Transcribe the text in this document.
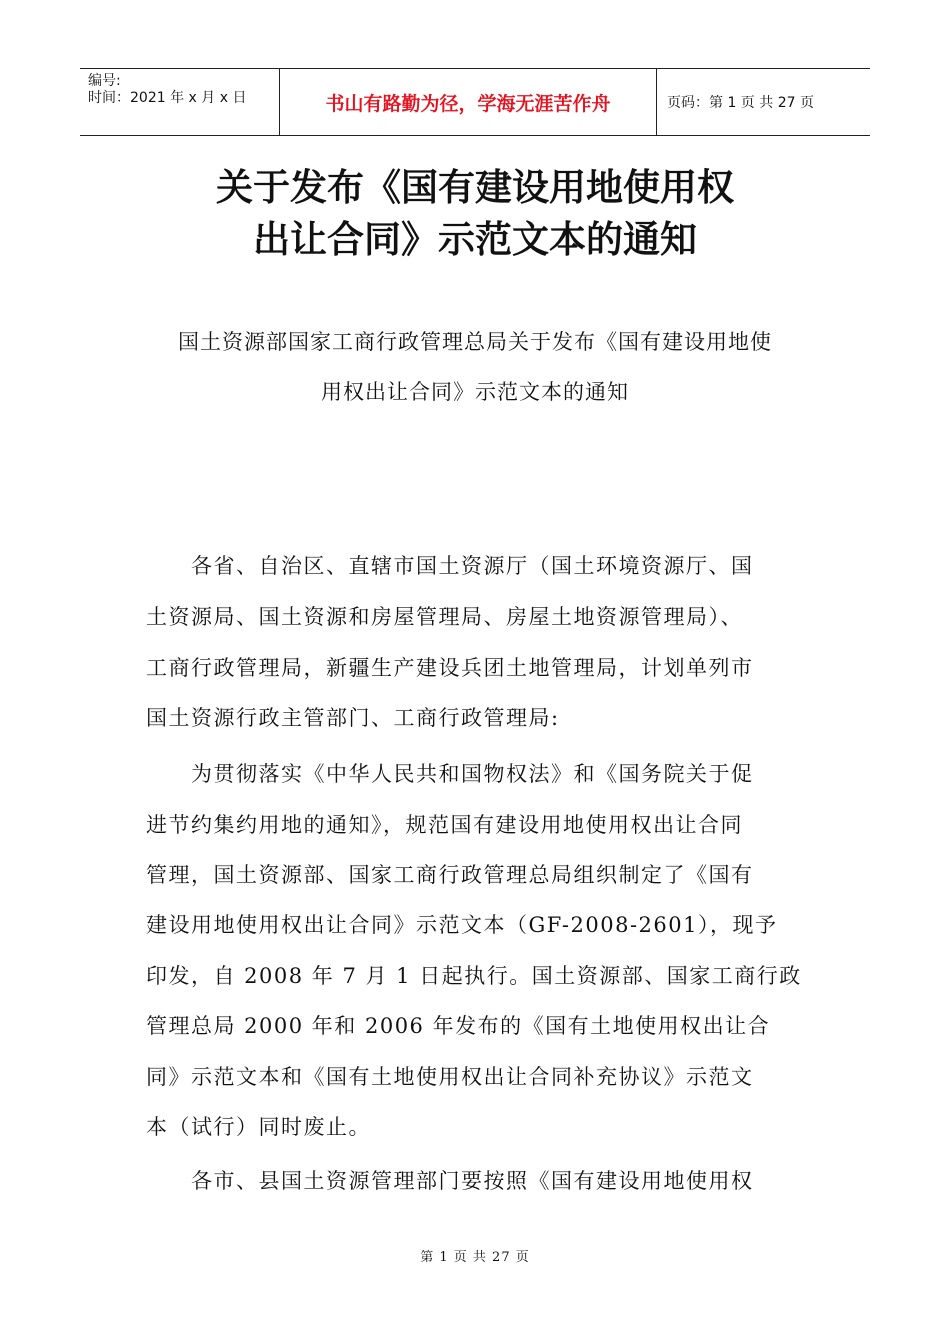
编号:
时间：2021 年 x 月 x 日	书山有路勤为径，学海无涯苦作舟	页码：第 1 页 共 27 页
关于发布《国有建设用地使用权
出让合同》示范文本的通知
国土资源部国家工商行政管理总局关于发布《国有建设用地使
用权出让合同》示范文本的通知
　　各省、自治区、直辖市国土资源厅（国土环境资源厅、国
土资源局、国土资源和房屋管理局、房屋土地资源管理局）、
工商行政管理局，新疆生产建设兵团土地管理局，计划单列市
国土资源行政主管部门、工商行政管理局:
　　为贯彻落实《中华人民共和国物权法》和《国务院关于促
进节约集约用地的通知》，规范国有建设用地使用权出让合同
管理，国土资源部、国家工商行政管理总局组织制定了《国有
建设用地使用权出让合同》示范文本（GF-2008-2601），现予
印发，自 2008 年 7 月 1 日起执行。国土资源部、国家工商行政
管理总局 2000 年和 2006 年发布的《国有土地使用权出让合
同》示范文本和《国有土地使用权出让合同补充协议》示范文
本（试行）同时废止。
　　各市、县国土资源管理部门要按照《国有建设用地使用权
第 1 页 共 27 页
